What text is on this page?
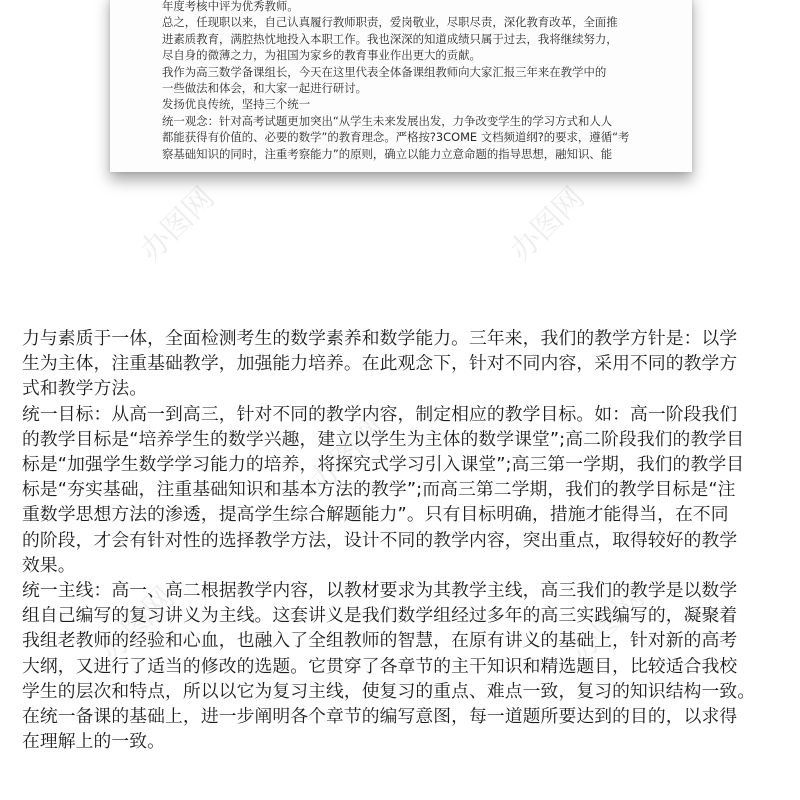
年度考核中评为优秀教师。

总之，任现职以来，自己认真履行教师职责，爱岗敬业，尽职尽责，深化教育改革，全面推

进素质教育，满腔热忱地投入本职工作。我也深深的知道成绩只属于过去，我将继续努力，

尽自身的微薄之力，为祖国为家乡的教育事业作出更大的贡献。

我作为高三数学备课组长，今天在这里代表全体备课组教师向大家汇报三年来在教学中的

一些做法和体会，和大家一起进行研讨。

发扬优良传统，坚持三个统一

统一观念：针对高考试题更加突出“从学生未来发展出发，力争改变学生的学习方式和人人

都能获得有价值的、必要的数学”的教育理念。严格按?3COME 文档频道纲?的要求，遵循“考

察基础知识的同时，注重考察能力”的原则，确立以能力立意命题的指导思想，融知识、能

办图网	办图网

力与素质于一体，全面检测考生的数学素养和数学能力。三年来，我们的教学方针是：以学

生为主体，注重基础教学，加强能力培养。在此观念下，针对不同内容，采用不同的教学方

式和教学方法。

统一目标：从高一到高三，针对不同的教学内容，制定相应的教学目标。如：高一阶段我们

的教学目标是“培养学生的数学兴趣，建立以学生为主体的数学课堂”;高二阶段我们的教学目

标是“加强学生数学学习能力的培养，将探究式学习引入课堂”;高三第一学期，我们的教学目

标是“夯实基础，注重基础知识和基本方法的教学”;而高三第二学期，我们的教学目标是“注

重数学思想方法的渗透，提高学生综合解题能力”。只有目标明确，措施才能得当，在不同

的阶段，才会有针对性的选择教学方法，设计不同的教学内容，突出重点，取得较好的教学

效果。

统一主线：高一、高二根据教学内容，以教材要求为其教学主线，高三我们的教学是以数学

组自己编写的复习讲义为主线。这套讲义是我们数学组经过多年的高三实践编写的，凝聚着

我组老教师的经验和心血，也融入了全组教师的智慧，在原有讲义的基础上，针对新的高考

大纲，又进行了适当的修改的选题。它贯穿了各章节的主干知识和精选题目，比较适合我校

学生的层次和特点，所以以它为复习主线，使复习的重点、难点一致，复习的知识结构一致。

在统一备课的基础上，进一步阐明各个章节的编写意图，每一道题所要达到的目的，以求得

在理解上的一致。

办图网
办图网	办图网
